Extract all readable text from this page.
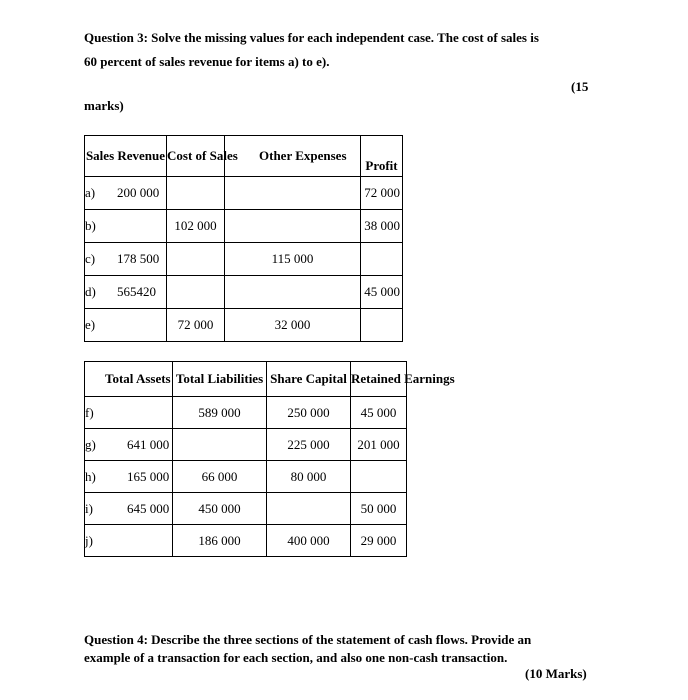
Question 3: Solve the missing values for each independent case. The cost of sales is
60 percent of sales revenue for items a) to e).
(15
marks)
Sales Revenue	Cost of Sales	Other Expenses	Profit
a) 200 000			72 000
b)	102 000		38 000
c) 178 500		115 000	
d) 565420			45 000
e)	72 000	32 000	
Total Assets	Total Liabilities	Share Capital	Retained Earnings
f)	589 000	250 000	45 000
g) 641 000		225 000	201 000
h) 165 000	66 000	80 000	
i) 645 000	450 000		50 000
j)	186 000	400 000	29 000
Question 4: Describe the three sections of the statement of cash flows. Provide an
example of a transaction for each section, and also one non-cash transaction.
(10 Marks)
